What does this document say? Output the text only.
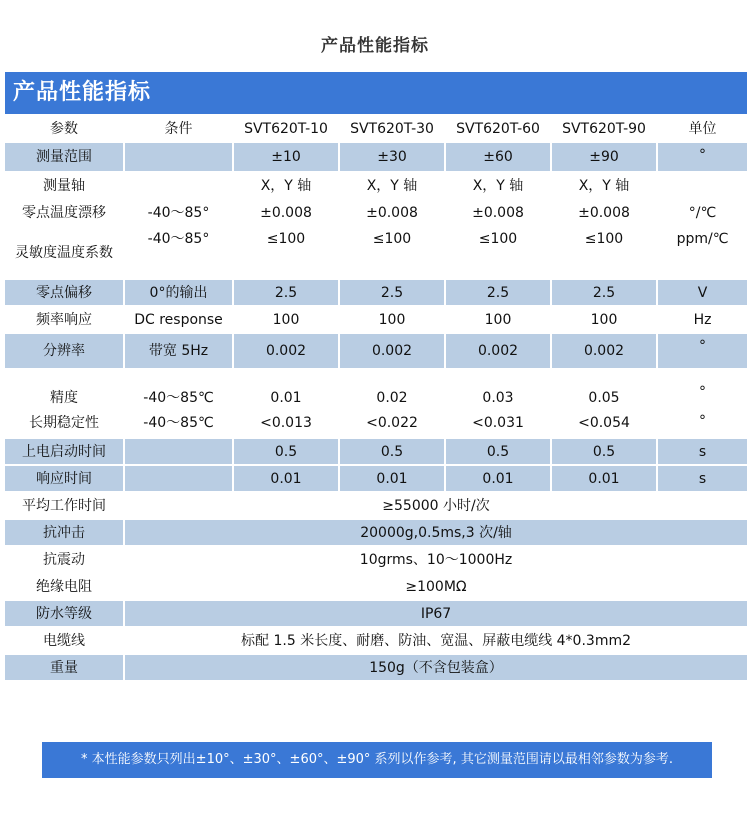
产品性能指标
产品性能指标						
参数	条件	SVT620T-10	SVT620T-30	SVT620T-60	SVT620T-90	单位
测量范围		±10	±30	±60	±90	°
测量轴		X，Y 轴	X，Y 轴	X，Y 轴	X，Y 轴	
零点温度漂移	-40～85°	±0.008	±0.008	±0.008	±0.008	°/℃
灵敏度温度系数	-40～85°	≤100	≤100	≤100	≤100	ppm/℃
零点偏移	0°的输出	2.5	2.5	2.5	2.5	V
频率响应	DC response	100	100	100	100	Hz
分辨率	带宽 5Hz	0.002	0.002	0.002	0.002	°
精度	-40～85℃	0.01	0.02	0.03	0.05	°
长期稳定性	-40～85℃	<0.013	<0.022	<0.031	<0.054	°
上电启动时间		0.5	0.5	0.5	0.5	s
响应时间		0.01	0.01	0.01	0.01	s
平均工作时间	≥55000 小时/次					
抗冲击	20000g,0.5ms,3 次/轴					
抗震动	10grms、10～1000Hz					
绝缘电阻	≥100MΩ					
防水等级	IP67					
电缆线	标配 1.5 米长度、耐磨、防油、宽温、屏蔽电缆线 4*0.3mm2					
重量	150g（不含包装盒）					
* 本性能参数只列出±10°、±30°、±60°、±90° 系列以作参考, 其它测量范围请以最相邻参数为参考.
